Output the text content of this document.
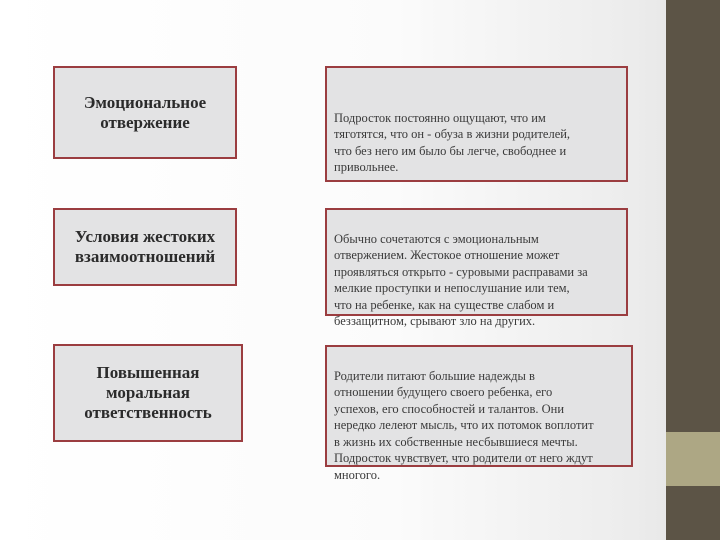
Эмоциональное отвержение	Подросток постоянно ощущают, что им
тяготятся, что он - обуза в жизни родителей,
что без него им было бы легче, свободнее и
привольнее.

Условия жестоких взаимоотношений

Обычно сочетаются с эмоциональным
отвержением. Жестокое отношение может
проявляться открыто - суровыми расправами за
мелкие проступки и непослушание или тем,
что на ребенке, как на существе слабом и
беззащитном, срывают зло на других.

Повышенная моральная ответственность

Родители питают большие надежды в
отношении будущего своего ребенка, его
успехов, его способностей и талантов. Они
нередко лелеют мысль, что их потомок воплотит
в жизнь их собственные несбывшиеся мечты.
Подросток чувствует, что родители от него ждут
многого.
